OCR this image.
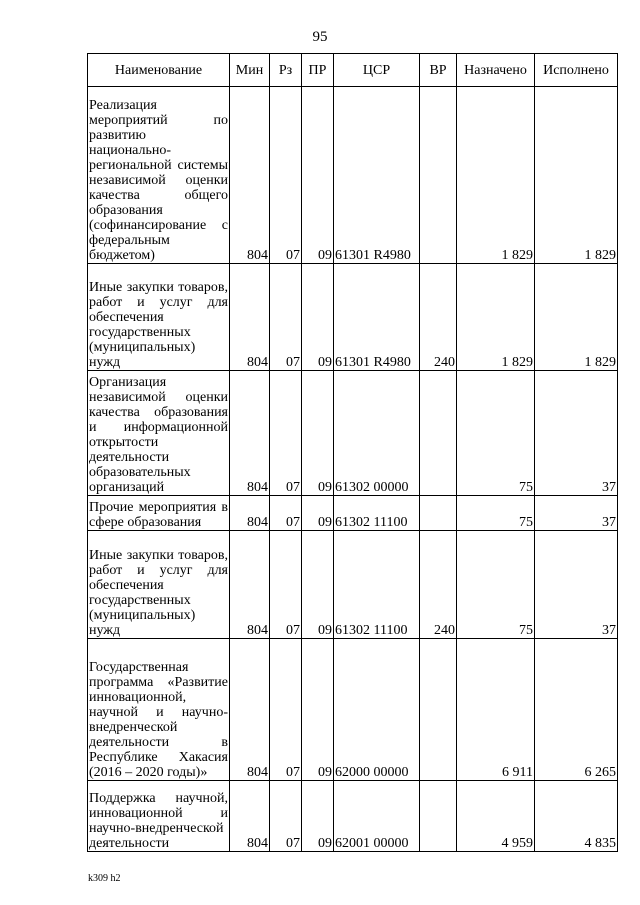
95
Наименование	Мин	Рз	ПР	ЦСР	ВР	Назначено	Исполнено
Реализация мероприятий по развитию национально-региональной системы независимой оценки качества общего образования (софинансирование с федеральным бюджетом)	804	07	09	61301 R4980		1 829	1 829
Иные закупки товаров, работ и услуг для обеспечения государственных (муниципальных) нужд	804	07	09	61301 R4980	240	1 829	1 829
Организация независимой оценки качества образования и информационной открытости деятельности образовательных организаций	804	07	09	61302 00000		75	37
Прочие мероприятия в сфере образования	804	07	09	61302 11100		75	37
Иные закупки товаров, работ и услуг для обеспечения государственных (муниципальных) нужд	804	07	09	61302 11100	240	75	37
Государственная программа «Развитие инновационной, научной и научно-внедренческой деятельности в Республике Хакасия (2016 – 2020 годы)»	804	07	09	62000 00000		6 911	6 265
Поддержка научной, инновационной и научно-внедренческой деятельности	804	07	09	62001 00000		4 959	4 835
k309 h2
